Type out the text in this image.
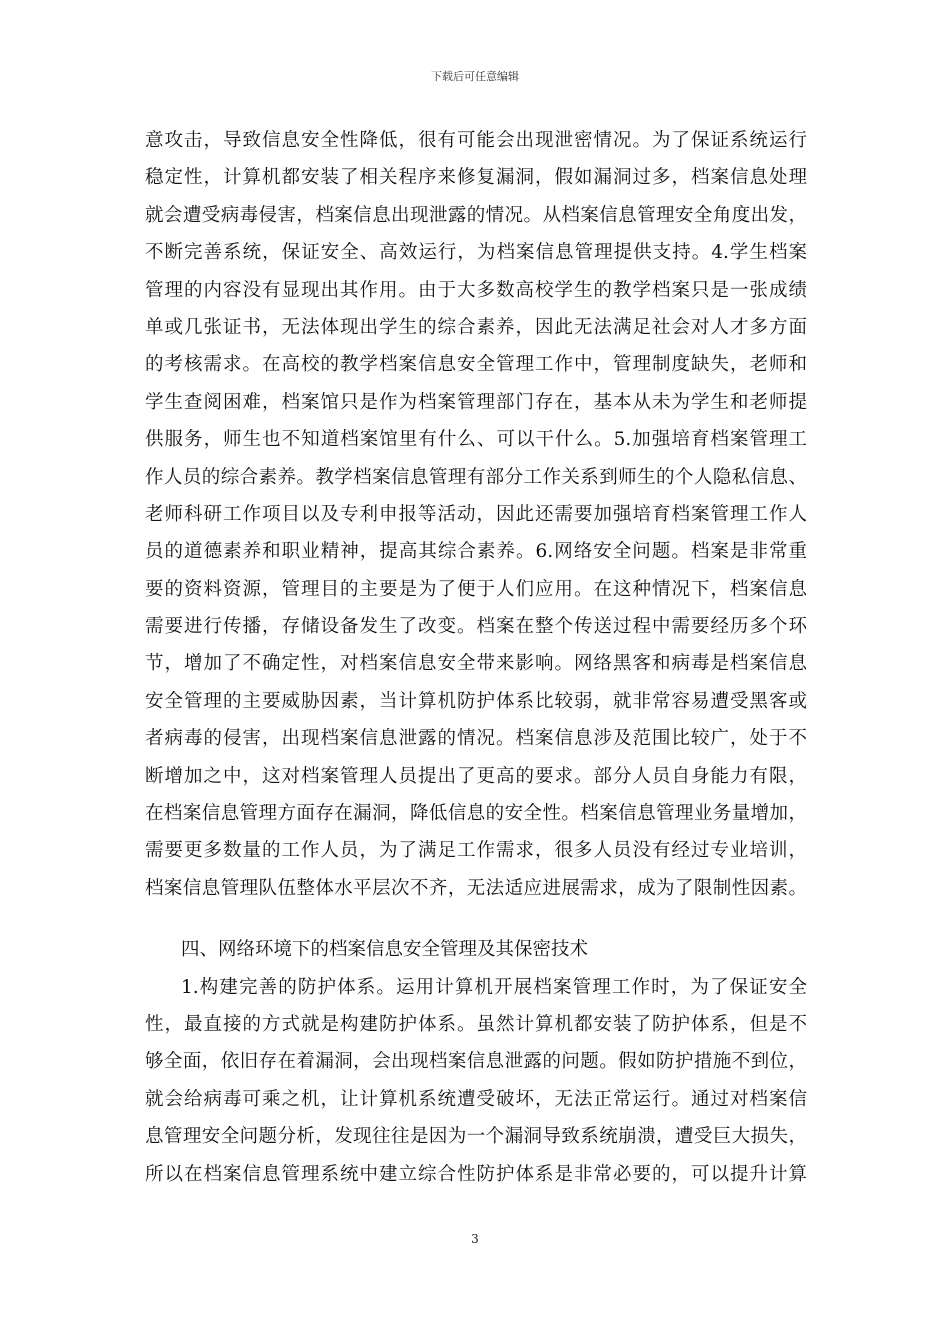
下载后可任意编辑
意攻击，导致信息安全性降低，很有可能会出现泄密情况。为了保证系统运行
稳定性，计算机都安装了相关程序来修复漏洞，假如漏洞过多，档案信息处理
就会遭受病毒侵害，档案信息出现泄露的情况。从档案信息管理安全角度出发，
不断完善系统，保证安全、高效运行，为档案信息管理提供支持。4.学生档案
管理的内容没有显现出其作用。由于大多数高校学生的教学档案只是一张成绩
单或几张证书，无法体现出学生的综合素养，因此无法满足社会对人才多方面
的考核需求。在高校的教学档案信息安全管理工作中，管理制度缺失，老师和
学生查阅困难，档案馆只是作为档案管理部门存在，基本从未为学生和老师提
供服务，师生也不知道档案馆里有什么、可以干什么。5.加强培育档案管理工
作人员的综合素养。教学档案信息管理有部分工作关系到师生的个人隐私信息、
老师科研工作项目以及专利申报等活动，因此还需要加强培育档案管理工作人
员的道德素养和职业精神，提高其综合素养。6.网络安全问题。档案是非常重
要的资料资源，管理目的主要是为了便于人们应用。在这种情况下，档案信息
需要进行传播，存储设备发生了改变。档案在整个传送过程中需要经历多个环
节，增加了不确定性，对档案信息安全带来影响。网络黑客和病毒是档案信息
安全管理的主要威胁因素，当计算机防护体系比较弱，就非常容易遭受黑客或
者病毒的侵害，出现档案信息泄露的情况。档案信息涉及范围比较广，处于不
断增加之中，这对档案管理人员提出了更高的要求。部分人员自身能力有限，
在档案信息管理方面存在漏洞，降低信息的安全性。档案信息管理业务量增加，
需要更多数量的工作人员，为了满足工作需求，很多人员没有经过专业培训，
档案信息管理队伍整体水平层次不齐，无法适应进展需求，成为了限制性因素。
四、网络环境下的档案信息安全管理及其保密技术
1.构建完善的防护体系。运用计算机开展档案管理工作时，为了保证安全
性，最直接的方式就是构建防护体系。虽然计算机都安装了防护体系，但是不
够全面，依旧存在着漏洞，会出现档案信息泄露的问题。假如防护措施不到位，
就会给病毒可乘之机，让计算机系统遭受破坏，无法正常运行。通过对档案信
息管理安全问题分析，发现往往是因为一个漏洞导致系统崩溃，遭受巨大损失，
所以在档案信息管理系统中建立综合性防护体系是非常必要的，可以提升计算
3
